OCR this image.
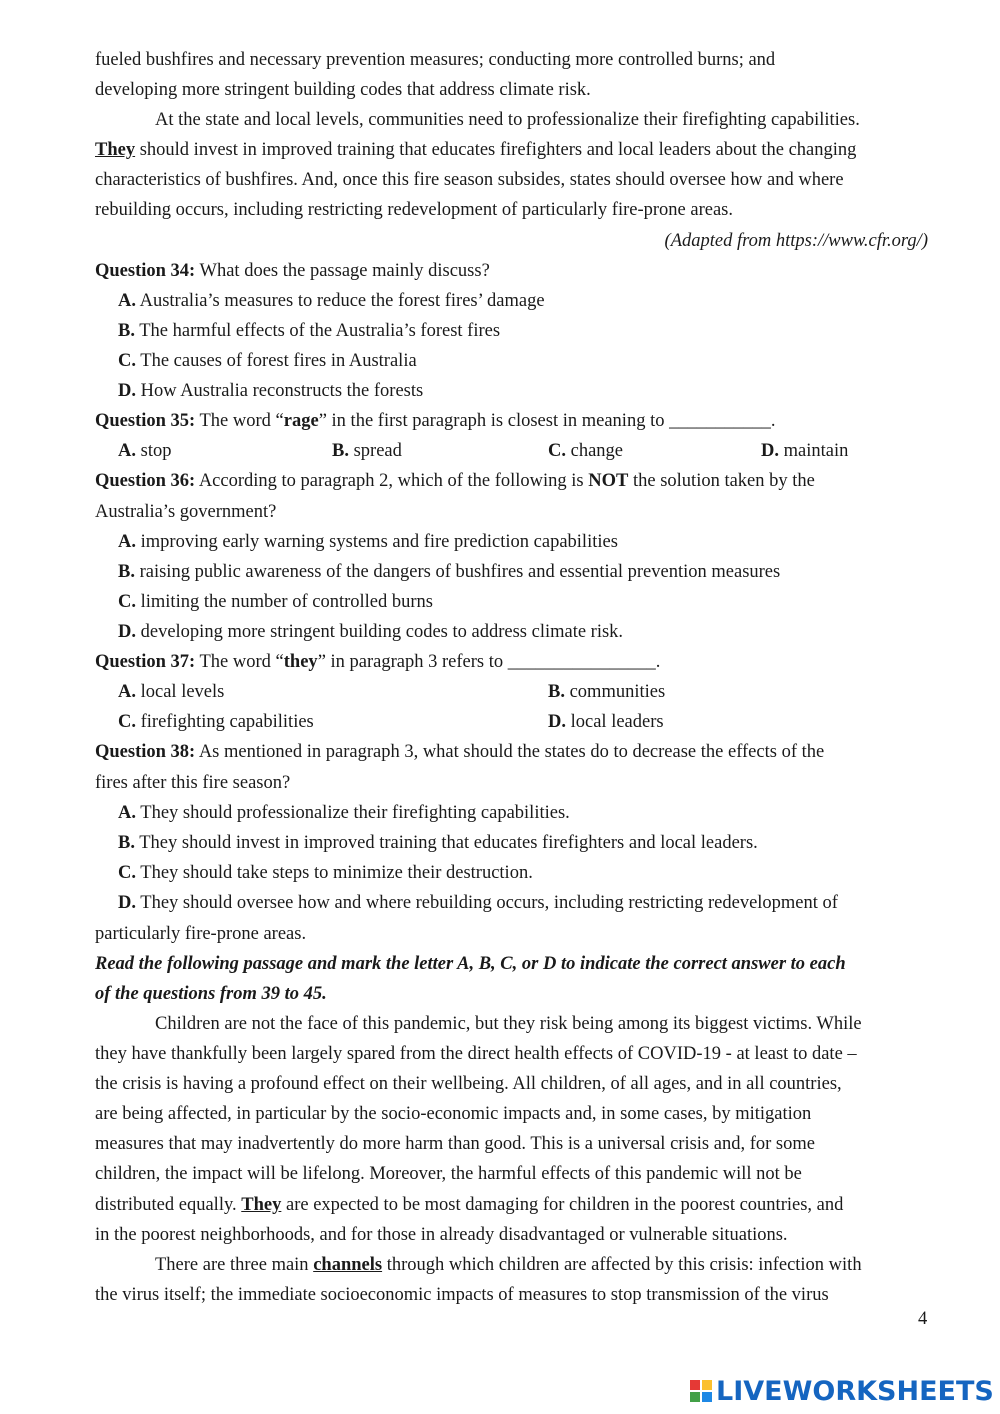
fueled bushfires and necessary prevention measures; conducting more controlled burns; and
developing more stringent building codes that address climate risk.
At the state and local levels, communities need to professionalize their firefighting capabilities.
They should invest in improved training that educates firefighters and local leaders about the changing
characteristics of bushfires. And, once this fire season subsides, states should oversee how and where
rebuilding occurs, including restricting redevelopment of particularly fire-prone areas.
(Adapted from https://www.cfr.org/)
Question 34: What does the passage mainly discuss?
A. Australia’s measures to reduce the forest fires’ damage
B. The harmful effects of the Australia’s forest fires
C. The causes of forest fires in Australia
D. How Australia reconstructs the forests
Question 35: The word “rage” in the first paragraph is closest in meaning to ___________.
A. stop	B. spread	C. change	D. maintain
Question 36: According to paragraph 2, which of the following is NOT the solution taken by the
Australia’s government?
A. improving early warning systems and fire prediction capabilities
B. raising public awareness of the dangers of bushfires and essential prevention measures
C. limiting the number of controlled burns
D. developing more stringent building codes to address climate risk.
Question 37: The word “they” in paragraph 3 refers to ________________.
A. local levels	B. communities
C. firefighting capabilities	D. local leaders
Question 38: As mentioned in paragraph 3, what should the states do to decrease the effects of the
fires after this fire season?
A. They should professionalize their firefighting capabilities.
B. They should invest in improved training that educates firefighters and local leaders.
C. They should take steps to minimize their destruction.
D. They should oversee how and where rebuilding occurs, including restricting redevelopment of
particularly fire-prone areas.
Read the following passage and mark the letter A, B, C, or D to indicate the correct answer to each
of the questions from 39 to 45.
Children are not the face of this pandemic, but they risk being among its biggest victims. While
they have thankfully been largely spared from the direct health effects of COVID-19 - at least to date –
the crisis is having a profound effect on their wellbeing. All children, of all ages, and in all countries,
are being affected, in particular by the socio-economic impacts and, in some cases, by mitigation
measures that may inadvertently do more harm than good. This is a universal crisis and, for some
children, the impact will be lifelong. Moreover, the harmful effects of this pandemic will not be
distributed equally. They are expected to be most damaging for children in the poorest countries, and
in the poorest neighborhoods, and for those in already disadvantaged or vulnerable situations.
There are three main channels through which children are affected by this crisis: infection with
the virus itself; the immediate socioeconomic impacts of measures to stop transmission of the virus
4
LIVEWORKSHEETS
